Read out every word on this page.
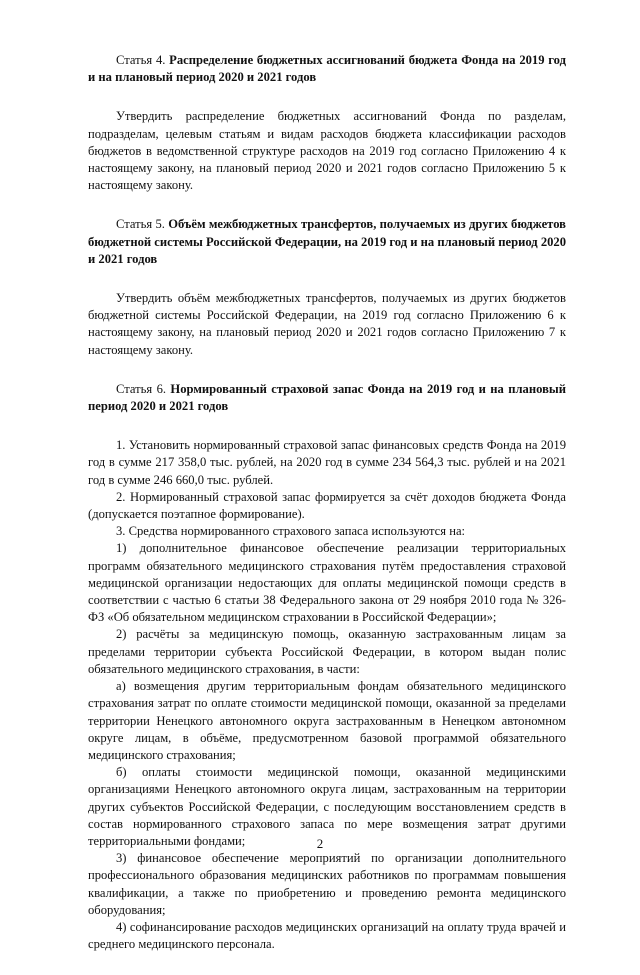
Статья 4. Распределение бюджетных ассигнований бюджета Фонда на 2019 год и на плановый период 2020 и 2021 годов

Утвердить распределение бюджетных ассигнований Фонда по разделам, подразделам, целевым статьям и видам расходов бюджета классификации расходов бюджетов в ведомственной структуре расходов на 2019 год согласно Приложению 4 к настоящему закону, на плановый период 2020 и 2021 годов согласно Приложению 5 к настоящему закону.

Статья 5. Объём межбюджетных трансфертов, получаемых из других бюджетов бюджетной системы Российской Федерации, на 2019 год и на плановый период 2020 и 2021 годов

Утвердить объём межбюджетных трансфертов, получаемых из других бюджетов бюджетной системы Российской Федерации, на 2019 год согласно Приложению 6 к настоящему закону, на плановый период 2020 и 2021 годов согласно Приложению 7 к настоящему закону.

Статья 6. Нормированный страховой запас Фонда на 2019 год и на плановый период 2020 и 2021 годов

1. Установить нормированный страховой запас финансовых средств Фонда на 2019 год в сумме 217 358,0 тыс. рублей, на 2020 год в сумме 234 564,3 тыс. рублей и на 2021 год в сумме 246 660,0 тыс. рублей.

2. Нормированный страховой запас формируется за счёт доходов бюджета Фонда (допускается поэтапное формирование).

3. Средства нормированного страхового запаса используются на:

1) дополнительное финансовое обеспечение реализации территориальных программ обязательного медицинского страхования путём предоставления страховой медицинской организации недостающих для оплаты медицинской помощи средств в соответствии с частью 6 статьи 38 Федерального закона от 29 ноября 2010 года № 326-ФЗ «Об обязательном медицинском страховании в Российской Федерации»;

2) расчёты за медицинскую помощь, оказанную застрахованным лицам за пределами территории субъекта Российской Федерации, в котором выдан полис обязательного медицинского страхования, в части:

а) возмещения другим территориальным фондам обязательного медицинского страхования затрат по оплате стоимости медицинской помощи, оказанной за пределами территории Ненецкого автономного округа застрахованным в Ненецком автономном округе лицам, в объёме, предусмотренном базовой программой обязательного медицинского страхования;

б) оплаты стоимости медицинской помощи, оказанной медицинскими организациями Ненецкого автономного округа лицам, застрахованным на территории других субъектов Российской Федерации, с последующим восстановлением средств в состав нормированного страхового запаса по мере возмещения затрат другими территориальными фондами;

3) финансовое обеспечение мероприятий по организации дополнительного профессионального образования медицинских работников по программам повышения квалификации, а также по приобретению и проведению ремонта медицинского оборудования;

4) софинансирование расходов медицинских организаций на оплату труда врачей и среднего медицинского персонала.

2
